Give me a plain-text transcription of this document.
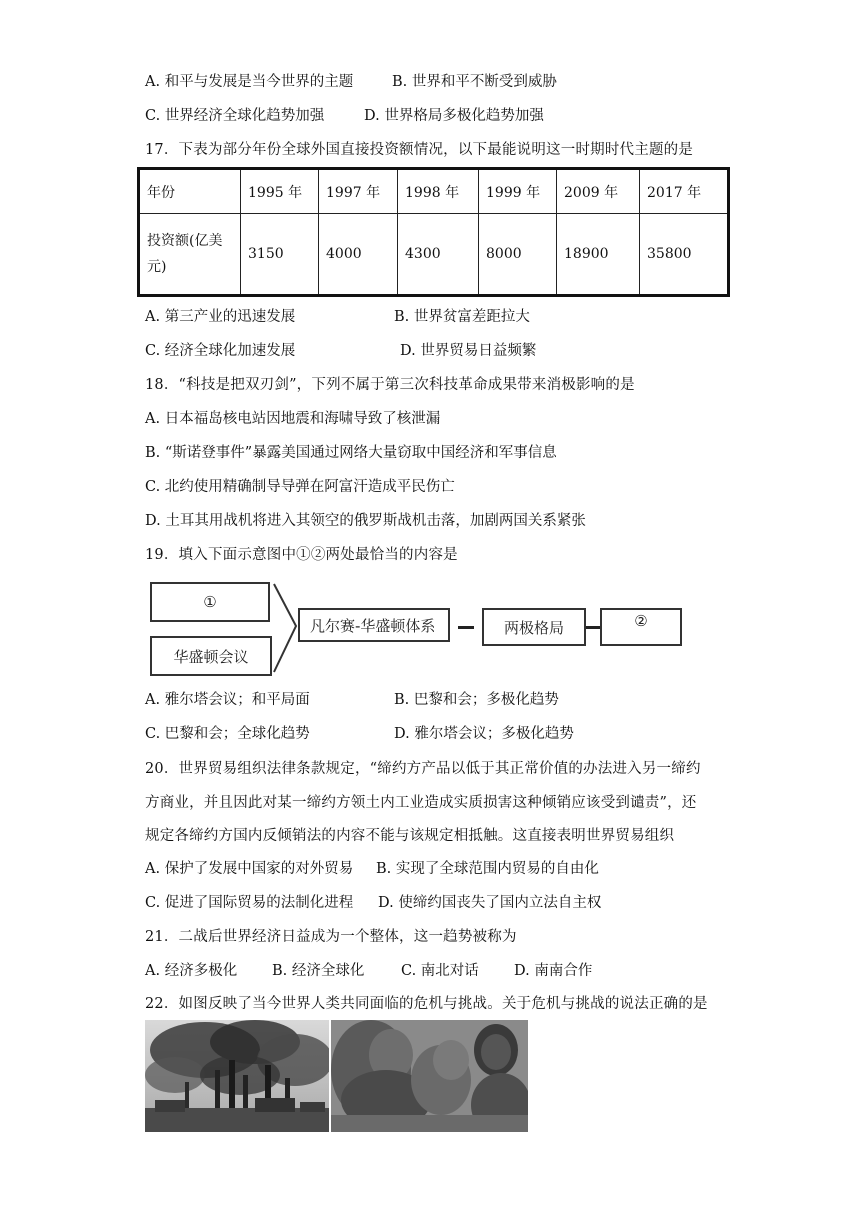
A. 和平与发展是当今世界的主题	B. 世界和平不断受到威胁
C. 世界经济全球化趋势加强	D. 世界格局多极化趋势加强
17．下表为部分年份全球外国直接投资额情况，以下最能说明这一时期时代主题的是
年份	1995 年	1997 年	1998 年	1999 年	2009 年	2017 年
投资额(亿美
元)	3150	4000	4300	8000	18900	35800
A. 第三产业的迅速发展	B. 世界贫富差距拉大
C. 经济全球化加速发展	D. 世界贸易日益频繁
18．“科技是把双刃剑”，下列不属于第三次科技革命成果带来消极影响的是
A. 日本福岛核电站因地震和海啸导致了核泄漏
B. “斯诺登事件”暴露美国通过网络大量窃取中国经济和军事信息
C. 北约使用精确制导导弹在阿富汗造成平民伤亡
D. 土耳其用战机将进入其领空的俄罗斯战机击落，加剧两国关系紧张
19．填入下面示意图中①②两处最恰当的内容是
①
华盛顿会议
凡尔赛-华盛顿体系	两极格局	②
A. 雅尔塔会议；和平局面	B. 巴黎和会；多极化趋势
C. 巴黎和会；全球化趋势	D. 雅尔塔会议；多极化趋势
20．世界贸易组织法律条款规定，“缔约方产品以低于其正常价值的办法进入另一缔约
方商业，并且因此对某一缔约方领土内工业造成实质损害这种倾销应该受到谴责”，还
规定各缔约方国内反倾销法的内容不能与该规定相抵触。这直接表明世界贸易组织
A. 保护了发展中国家的对外贸易 B. 实现了全球范围内贸易的自由化
C. 促进了国际贸易的法制化进程 D. 使缔约国丧失了国内立法自主权
21．二战后世界经济日益成为一个整体，这一趋势被称为
A. 经济多极化 B. 经济全球化	C. 南北对话 D. 南南合作
22．如图反映了当今世界人类共同面临的危机与挑战。关于危机与挑战的说法正确的是
